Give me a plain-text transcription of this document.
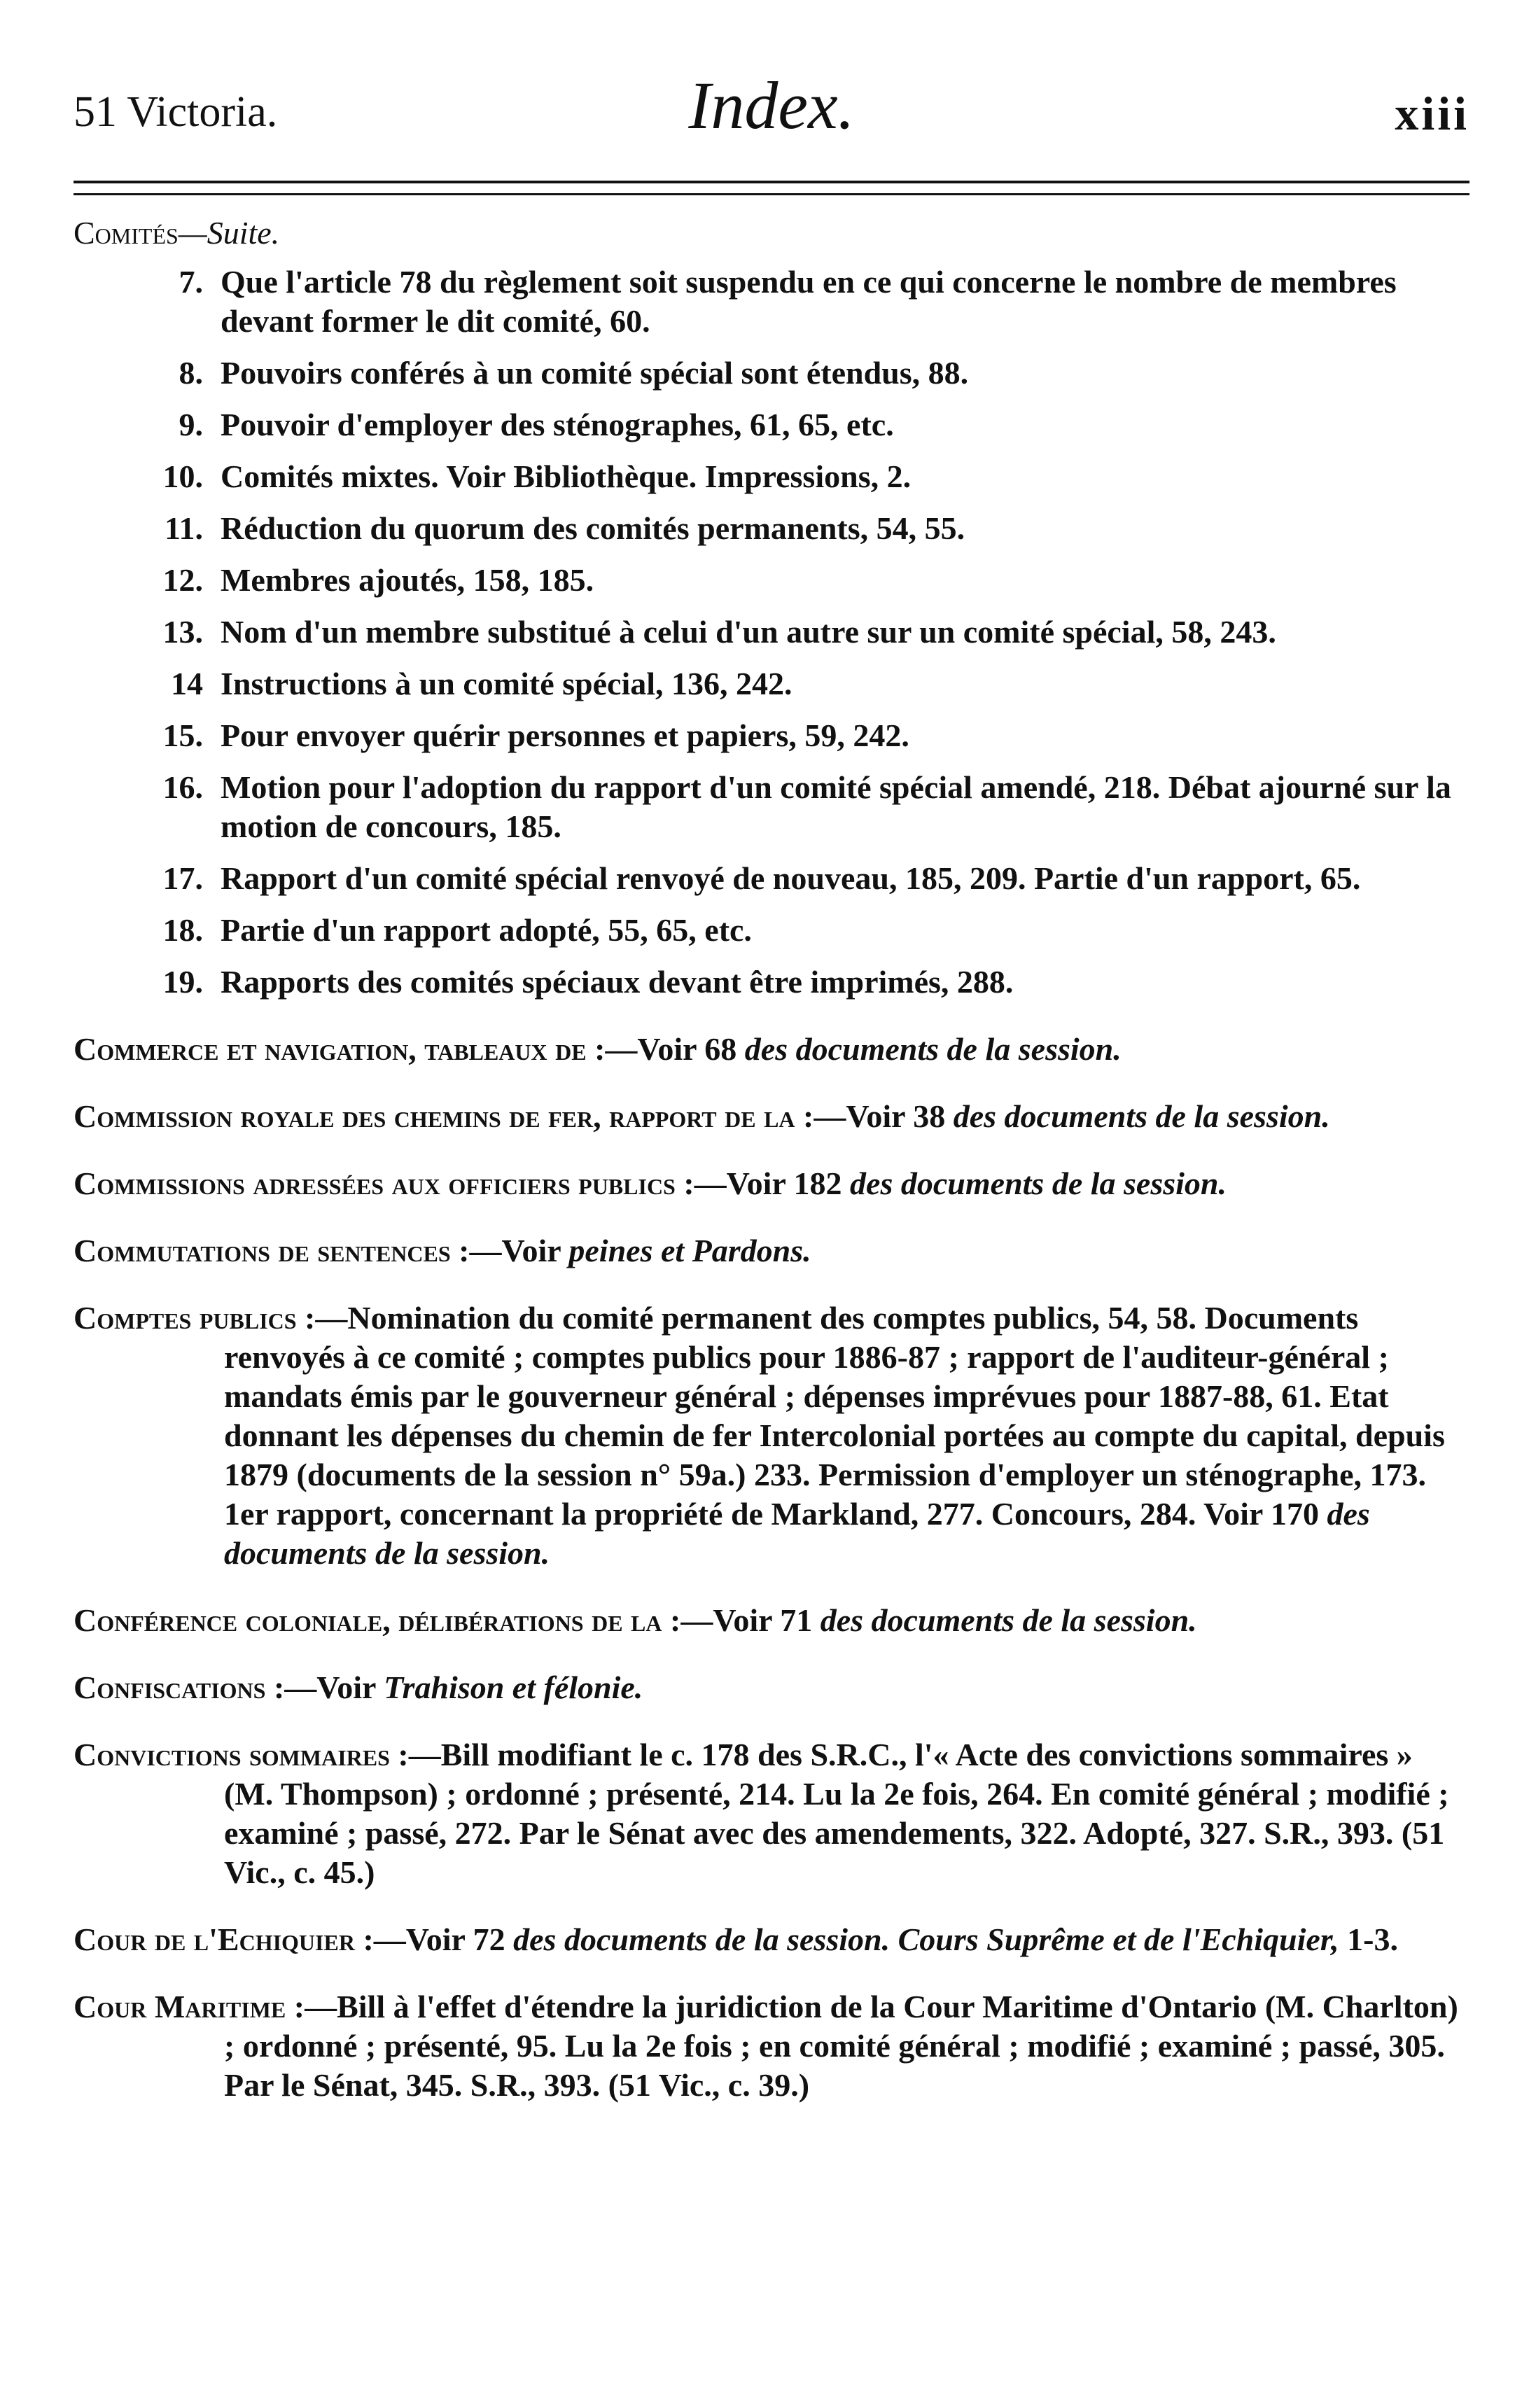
51 Victoria.	Index.	xiii

Comités—Suite.

7. Que l'article 78 du règlement soit suspendu en ce qui concerne le nombre de membres devant former le dit comité, 60.
8. Pouvoirs conférés à un comité spécial sont étendus, 88.
9. Pouvoir d'employer des sténographes, 61, 65, etc.
10. Comités mixtes. Voir Bibliothèque. Impressions, 2.
11. Réduction du quorum des comités permanents, 54, 55.
12. Membres ajoutés, 158, 185.
13. Nom d'un membre substitué à celui d'un autre sur un comité spécial, 58, 243.
14 Instructions à un comité spécial, 136, 242.
15. Pour envoyer quérir personnes et papiers, 59, 242.
16. Motion pour l'adoption du rapport d'un comité spécial amendé, 218. Débat ajourné sur la motion de concours, 185.
17. Rapport d'un comité spécial renvoyé de nouveau, 185, 209. Partie d'un rapport, 65.
18. Partie d'un rapport adopté, 55, 65, etc.
19. Rapports des comités spéciaux devant être imprimés, 288.

Commerce et navigation, tableaux de :—Voir 68 des documents de la session.

Commission royale des chemins de fer, rapport de la :—Voir 38 des documents de la session.

Commissions adressées aux officiers publics :—Voir 182 des documents de la session.

Commutations de sentences :—Voir peines et Pardons.

Comptes publics :—Nomination du comité permanent des comptes publics, 54, 58. Documents renvoyés à ce comité ; comptes publics pour 1886-87 ; rapport de l'auditeur-général ; mandats émis par le gouverneur général ; dépenses imprévues pour 1887-88, 61. Etat donnant les dépenses du chemin de fer Intercolonial portées au compte du capital, depuis 1879 (documents de la session n° 59a.) 233. Permission d'employer un sténographe, 173. 1er rapport, concernant la propriété de Markland, 277. Concours, 284. Voir 170 des documents de la session.

Conférence coloniale, délibérations de la :—Voir 71 des documents de la session.

Confiscations :—Voir Trahison et félonie.

Convictions sommaires :—Bill modifiant le c. 178 des S.R.C., l'« Acte des convictions sommaires » (M. Thompson) ; ordonné ; présenté, 214. Lu la 2e fois, 264. En comité général ; modifié ; examiné ; passé, 272. Par le Sénat avec des amendements, 322. Adopté, 327. S.R., 393. (51 Vic., c. 45.)

Cour de l'Echiquier :—Voir 72 des documents de la session. Cours Suprême et de l'Echiquier, 1-3.

Cour Maritime :—Bill à l'effet d'étendre la juridiction de la Cour Maritime d'Ontario (M. Charlton) ; ordonné ; présenté, 95. Lu la 2e fois ; en comité général ; modifié ; examiné ; passé, 305. Par le Sénat, 345. S.R., 393. (51 Vic., c. 39.)
